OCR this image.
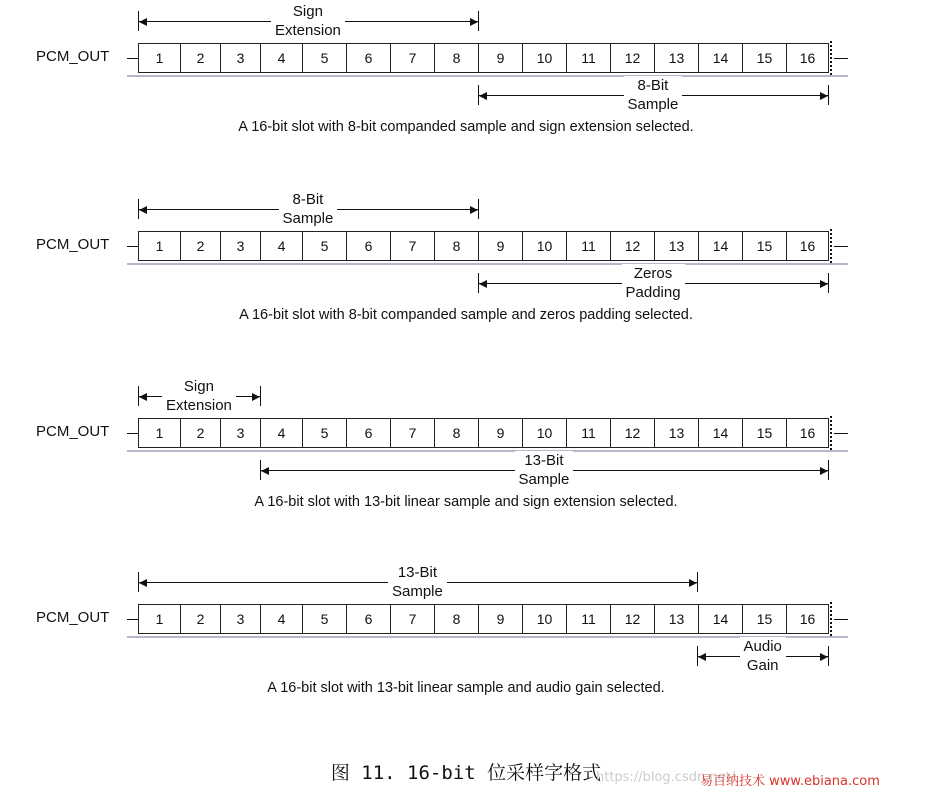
PCM_OUT	1	2	3	4	5	6	7	8	9	10	11	12	13	14	15	16
Sign
Extension
8-Bit
Sample
A 16-bit slot with 8-bit companded sample and sign extension selected.
PCM_OUT	1	2	3	4	5	6	7	8	9	10	11	12	13	14	15	16
8-Bit
Sample
Zeros
Padding
A 16-bit slot with 8-bit companded sample and zeros padding selected.
PCM_OUT	1	2	3	4	5	6	7	8	9	10	11	12	13	14	15	16
Sign
Extension
13-Bit
Sample
A 16-bit slot with 13-bit linear sample and sign extension selected.
PCM_OUT	1	2	3	4	5	6	7	8	9	10	11	12	13	14	15	16
13-Bit
Sample
Audio
Gain
A 16-bit slot with 13-bit linear sample and audio gain selected.
图 11. 16-bit 位采样字格式
https://blog.csdn.net/
易百纳技术 www.ebiana.com
